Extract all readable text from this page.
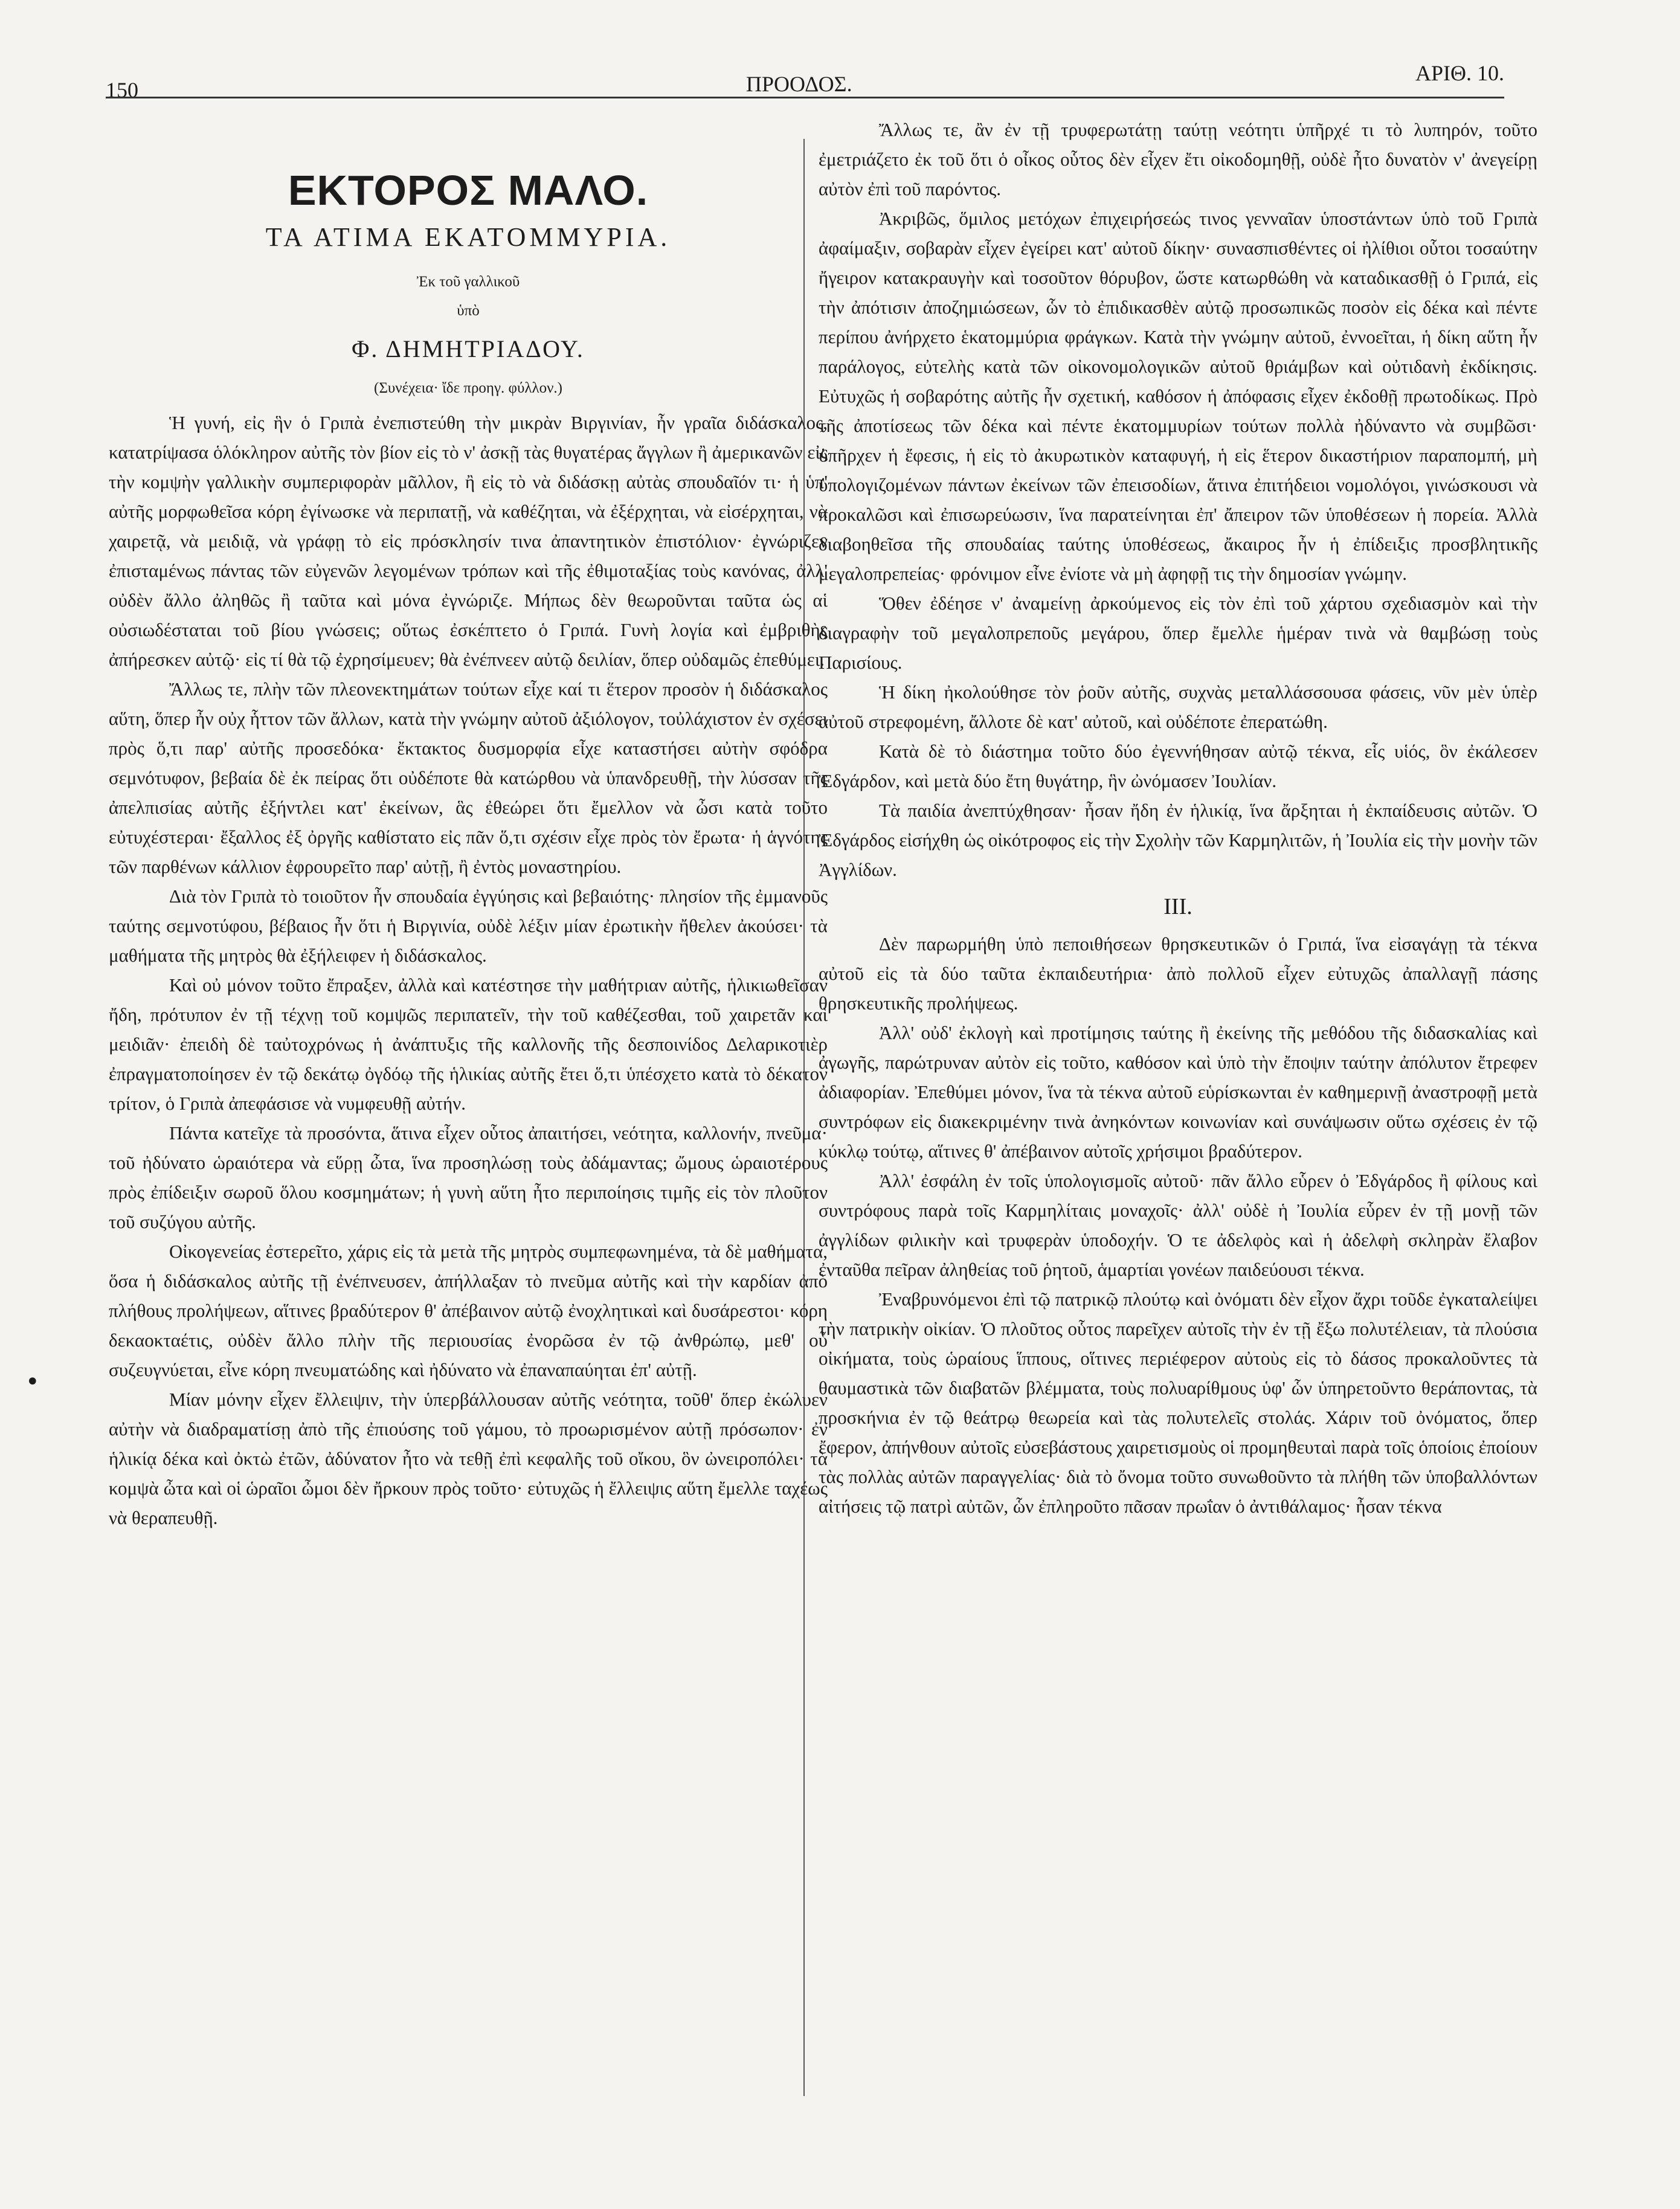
150	ΠΡΟΟΔΟΣ.	ΑΡΙΘ. 10.
•
ΕΚΤΟΡΟΣ ΜΑΛΟ.
ΤΑ ΑΤΙΜΑ ΕΚΑΤΟΜΜΥΡΙΑ.
Ἐκ τοῦ γαλλικοῦ
ὑπὸ
Φ. ΔΗΜΗΤΡΙΑΔΟΥ.
(Συνέχεια· ἴδε προηγ. φύλλον.)

Ἡ γυνή, εἰς ἣν ὁ Γριπὰ ἐνεπιστεύθη τὴν μικρὰν Βιργινίαν, ἦν γραῖα διδάσκαλος, κατατρίψασα ὁλόκληρον αὐτῆς τὸν βίον εἰς τὸ ν' ἀσκῇ τὰς θυγατέρας ἄγγλων ἢ ἀμερικανῶν εἰς τὴν κομψὴν γαλλικὴν συμπεριφορὰν μᾶλλον, ἢ εἰς τὸ νὰ διδάσκῃ αὐτὰς σπουδαῖόν τι· ἡ ὑπ' αὐτῆς μορφωθεῖσα κόρη ἐγίνωσκε νὰ περιπατῇ, νὰ καθέζηται, νὰ ἐξέρχηται, νὰ εἰσέρχηται, νὰ χαιρετᾷ, νὰ μειδιᾷ, νὰ γράφῃ τὸ εἰς πρόσκλησίν τινα ἀπαντητικὸν ἐπιστόλιον· ἐγνώριζεν ἐπισταμένως πάντας τῶν εὐγενῶν λεγομένων τρόπων καὶ τῆς ἐθιμοταξίας τοὺς κανόνας, ἀλλ' οὐδὲν ἄλλο ἀληθῶς ἢ ταῦτα καὶ μόνα ἐγνώριζε. Μήπως δὲν θεωροῦνται ταῦτα ὡς αἱ οὐσιωδέσταται τοῦ βίου γνώσεις; οὕτως ἐσκέπτετο ὁ Γριπά. Γυνὴ λογία καὶ ἐμβριθὴς ἀπήρεσκεν αὐτῷ· εἰς τί θὰ τῷ ἐχρησίμευεν; θὰ ἐνέπνεεν αὐτῷ δειλίαν, ὅπερ οὐδαμῶς ἐπεθύμει.

Ἄλλως τε, πλὴν τῶν πλεονεκτημάτων τούτων εἶχε καί τι ἕτερον προσὸν ἡ διδάσκαλος αὕτη, ὅπερ ἦν οὐχ ἧττον τῶν ἄλλων, κατὰ τὴν γνώμην αὐτοῦ ἀξιόλογον, τοὐλάχιστον ἐν σχέσει πρὸς ὅ,τι παρ' αὐτῆς προσεδόκα· ἔκτακτος δυσμορφία εἶχε καταστήσει αὐτὴν σφόδρα σεμνότυφον, βεβαία δὲ ἐκ πείρας ὅτι οὐδέποτε θὰ κατώρθου νὰ ὑπανδρευθῇ, τὴν λύσσαν τῆς ἀπελπισίας αὐτῆς ἐξήντλει κατ' ἐκείνων, ἃς ἐθεώρει ὅτι ἔμελλον νὰ ὦσι κατὰ τοῦτο εὐτυχέστεραι· ἔξαλλος ἐξ ὀργῆς καθίστατο εἰς πᾶν ὅ,τι σχέσιν εἶχε πρὸς τὸν ἔρωτα· ἡ ἁγνότης τῶν παρθένων κάλλιον ἐφρουρεῖτο παρ' αὐτῇ, ἢ ἐντὸς μοναστηρίου.

Διὰ τὸν Γριπὰ τὸ τοιοῦτον ἦν σπουδαία ἐγγύησις καὶ βεβαιότης· πλησίον τῆς ἐμμανοῦς ταύτης σεμνοτύφου, βέβαιος ἦν ὅτι ἡ Βιργινία, οὐδὲ λέξιν μίαν ἐρωτικὴν ἤθελεν ἀκούσει· τὰ μαθήματα τῆς μητρὸς θὰ ἐξήλειφεν ἡ διδάσκαλος.

Καὶ οὐ μόνον τοῦτο ἔπραξεν, ἀλλὰ καὶ κατέστησε τὴν μαθήτριαν αὐτῆς, ἡλικιωθεῖσαν ἤδη, πρότυπον ἐν τῇ τέχνῃ τοῦ κομψῶς περιπατεῖν, τὴν τοῦ καθέζεσθαι, τοῦ χαιρετᾶν καὶ μειδιᾶν· ἐπειδὴ δὲ ταὐτοχρόνως ἡ ἀνάπτυξις τῆς καλλονῆς τῆς δεσποινίδος Δελαρικοτιὲρ ἐπραγματοποίησεν ἐν τῷ δεκάτῳ ὀγδόῳ τῆς ἡλικίας αὐτῆς ἔτει ὅ,τι ὑπέσχετο κατὰ τὸ δέκατον τρίτον, ὁ Γριπὰ ἀπεφάσισε νὰ νυμφευθῇ αὐτήν.

Πάντα κατεῖχε τὰ προσόντα, ἅτινα εἶχεν οὗτος ἀπαιτήσει, νεότητα, καλλονήν, πνεῦμα· τοῦ ἠδύνατο ὡραιότερα νὰ εὕρῃ ὦτα, ἵνα προσηλώσῃ τοὺς ἀδάμαντας; ὤμους ὡραιοτέρους πρὸς ἐπίδειξιν σωροῦ ὅλου κοσμημάτων; ἡ γυνὴ αὕτη ἦτο περιποίησις τιμῆς εἰς τὸν πλοῦτον τοῦ συζύγου αὐτῆς.

Οἰκογενείας ἐστερεῖτο, χάρις εἰς τὰ μετὰ τῆς μητρὸς συμπεφωνημένα, τὰ δὲ μαθήματα, ὅσα ἡ διδάσκαλος αὐτῆς τῇ ἐνέπνευσεν, ἀπήλλαξαν τὸ πνεῦμα αὐτῆς καὶ τὴν καρδίαν ἀπὸ πλήθους προλήψεων, αἵτινες βραδύτερον θ' ἀπέβαινον αὐτῷ ἐνοχλητικαὶ καὶ δυσάρεστοι· κόρη δεκαοκταέτις, οὐδὲν ἄλλο πλὴν τῆς περιουσίας ἐνορῶσα ἐν τῷ ἀνθρώπῳ, μεθ' οὗ συζευγνύεται, εἶνε κόρη πνευματώδης καὶ ἠδύνατο νὰ ἐπαναπαύηται ἐπ' αὐτῇ.

Μίαν μόνην εἶχεν ἔλλειψιν, τὴν ὑπερβάλλουσαν αὐτῆς νεότητα, τοῦθ' ὅπερ ἐκώλυεν αὐτὴν νὰ διαδραματίσῃ ἀπὸ τῆς ἐπιούσης τοῦ γάμου, τὸ προωρισμένον αὐτῇ πρόσωπον· ἐν ἡλικίᾳ δέκα καὶ ὀκτὼ ἐτῶν, ἀδύνατον ἦτο νὰ τεθῇ ἐπὶ κεφαλῆς τοῦ οἴκου, ὃν ὠνειροπόλει· τὰ κομψὰ ὦτα καὶ οἱ ὡραῖοι ὦμοι δὲν ἤρκουν πρὸς τοῦτο· εὐτυχῶς ἡ ἔλλειψις αὕτη ἔμελλε ταχέως νὰ θεραπευθῇ.

Ἄλλως τε, ἂν ἐν τῇ τρυφερωτάτῃ ταύτῃ νεότητι ὑπῆρχέ τι τὸ λυπηρόν, τοῦτο ἐμετριάζετο ἐκ τοῦ ὅτι ὁ οἶκος οὗτος δὲν εἶχεν ἔτι οἰκοδομηθῇ, οὐδὲ ἦτο δυνατὸν ν' ἀνεγείρῃ αὐτὸν ἐπὶ τοῦ παρόντος.

Ἀκριβῶς, ὅμιλος μετόχων ἐπιχειρήσεώς τινος γενναῖαν ὑποστάντων ὑπὸ τοῦ Γριπὰ ἀφαίμαξιν, σοβαρὰν εἶχεν ἐγείρει κατ' αὐτοῦ δίκην· συνασπισθέντες οἱ ἠλίθιοι οὗτοι τοσαύτην ἤγειρον κατακραυγὴν καὶ τοσοῦτον θόρυβον, ὥστε κατωρθώθη νὰ καταδικασθῇ ὁ Γριπά, εἰς τὴν ἀπότισιν ἀποζημιώσεων, ὧν τὸ ἐπιδικασθὲν αὐτῷ προσωπικῶς ποσὸν εἰς δέκα καὶ πέντε περίπου ἀνήρχετο ἑκατομμύρια φράγκων. Κατὰ τὴν γνώμην αὐτοῦ, ἐννοεῖται, ἡ δίκη αὕτη ἦν παράλογος, εὐτελὴς κατὰ τῶν οἰκονομολογικῶν αὐτοῦ θριάμβων καὶ οὐτιδανὴ ἐκδίκησις. Εὐτυχῶς ἡ σοβαρότης αὐτῆς ἦν σχετική, καθόσον ἡ ἀπόφασις εἶχεν ἐκδοθῇ πρωτοδίκως. Πρὸ τῆς ἀποτίσεως τῶν δέκα καὶ πέντε ἑκατομμυρίων τούτων πολλὰ ἠδύναντο νὰ συμβῶσι· ὑπῆρχεν ἡ ἔφεσις, ἡ εἰς τὸ ἀκυρωτικὸν καταφυγή, ἡ εἰς ἕτερον δικαστήριον παραπομπή, μὴ ὑπολογιζομένων πάντων ἐκείνων τῶν ἐπεισοδίων, ἅτινα ἐπιτήδειοι νομολόγοι, γινώσκουσι νὰ προκαλῶσι καὶ ἐπισωρεύωσιν, ἵνα παρατείνηται ἐπ' ἄπειρον τῶν ὑποθέσεων ἡ πορεία. Ἀλλὰ διαβοηθεῖσα τῆς σπουδαίας ταύτης ὑποθέσεως, ἄκαιρος ἦν ἡ ἐπίδειξις προσβλητικῆς μεγαλοπρεπείας· φρόνιμον εἶνε ἐνίοτε νὰ μὴ ἀφηφῇ τις τὴν δημοσίαν γνώμην.

Ὅθεν ἐδέησε ν' ἀναμείνῃ ἀρκούμενος εἰς τὸν ἐπὶ τοῦ χάρτου σχεδιασμὸν καὶ τὴν διαγραφὴν τοῦ μεγαλοπρεποῦς μεγάρου, ὅπερ ἔμελλε ἡμέραν τινὰ νὰ θαμβώσῃ τοὺς Παρισίους.

Ἡ δίκη ἠκολούθησε τὸν ῥοῦν αὐτῆς, συχνὰς μεταλλάσσουσα φάσεις, νῦν μὲν ὑπὲρ αὐτοῦ στρεφομένη, ἄλλοτε δὲ κατ' αὐτοῦ, καὶ οὐδέποτε ἐπερατώθη.

Κατὰ δὲ τὸ διάστημα τοῦτο δύο ἐγεννήθησαν αὐτῷ τέκνα, εἷς υἱός, ὃν ἐκάλεσεν Ἐδγάρδον, καὶ μετὰ δύο ἔτη θυγάτηρ, ἣν ὠνόμασεν Ἰουλίαν.

Τὰ παιδία ἀνεπτύχθησαν· ἦσαν ἤδη ἐν ἡλικίᾳ, ἵνα ἄρξηται ἡ ἐκπαίδευσις αὐτῶν. Ὁ Ἐδγάρδος εἰσήχθη ὡς οἰκότροφος εἰς τὴν Σχολὴν τῶν Καρμηλιτῶν, ἡ Ἰουλία εἰς τὴν μονὴν τῶν Ἀγγλίδων.

III.

Δὲν παρωρμήθη ὑπὸ πεποιθήσεων θρησκευτικῶν ὁ Γριπά, ἵνα εἰσαγάγῃ τὰ τέκνα αὐτοῦ εἰς τὰ δύο ταῦτα ἐκπαιδευτήρια· ἀπὸ πολλοῦ εἶχεν εὐτυχῶς ἀπαλλαγῇ πάσης θρησκευτικῆς προλήψεως.

Ἀλλ' οὐδ' ἐκλογὴ καὶ προτίμησις ταύτης ἢ ἐκείνης τῆς μεθόδου τῆς διδασκαλίας καὶ ἀγωγῆς, παρώτρυναν αὐτὸν εἰς τοῦτο, καθόσον καὶ ὑπὸ τὴν ἔποψιν ταύτην ἀπόλυτον ἔτρεφεν ἀδιαφορίαν. Ἐπεθύμει μόνον, ἵνα τὰ τέκνα αὐτοῦ εὑρίσκωνται ἐν καθημερινῇ ἀναστροφῇ μετὰ συντρόφων εἰς διακεκριμένην τινὰ ἀνηκόντων κοινωνίαν καὶ συνάψωσιν οὕτω σχέσεις ἐν τῷ κύκλῳ τούτῳ, αἵτινες θ' ἀπέβαινον αὐτοῖς χρήσιμοι βραδύτερον.

Ἀλλ' ἐσφάλη ἐν τοῖς ὑπολογισμοῖς αὐτοῦ· πᾶν ἄλλο εὗρεν ὁ Ἐδγάρδος ἢ φίλους καὶ συντρόφους παρὰ τοῖς Καρμηλίταις μοναχοῖς· ἀλλ' οὐδὲ ἡ Ἰουλία εὗρεν ἐν τῇ μονῇ τῶν ἀγγλίδων φιλικὴν καὶ τρυφερὰν ὑποδοχήν. Ὁ τε ἀδελφὸς καὶ ἡ ἀδελφὴ σκληρὰν ἔλαβον ἐνταῦθα πεῖραν ἀληθείας τοῦ ῥητοῦ, ἁμαρτίαι γονέων παιδεύουσι τέκνα.

Ἐναβρυνόμενοι ἐπὶ τῷ πατρικῷ πλούτῳ καὶ ὀνόματι δὲν εἶχον ἄχρι τοῦδε ἐγκαταλείψει τὴν πατρικὴν οἰκίαν. Ὁ πλοῦτος οὗτος παρεῖχεν αὐτοῖς τὴν ἐν τῇ ἔξω πολυτέλειαν, τὰ πλούσια οἰκήματα, τοὺς ὡραίους ἵππους, οἵτινες περιέφερον αὐτοὺς εἰς τὸ δάσος προκαλοῦντες τὰ θαυμαστικὰ τῶν διαβατῶν βλέμματα, τοὺς πολυαρίθμους ὑφ' ὧν ὑπηρετοῦντο θεράποντας, τὰ προσκήνια ἐν τῷ θεάτρῳ θεωρεία καὶ τὰς πολυτελεῖς στολάς. Χάριν τοῦ ὀνόματος, ὅπερ ἔφερον, ἀπήνθουν αὐτοῖς εὐσεβάστους χαιρετισμοὺς οἱ προμηθευταὶ παρὰ τοῖς ὁποίοις ἐποίουν τὰς πολλὰς αὐτῶν παραγγελίας· διὰ τὸ ὄνομα τοῦτο συνωθοῦντο τὰ πλήθη τῶν ὑποβαλλόντων αἰτήσεις τῷ πατρὶ αὐτῶν, ὧν ἐπληροῦτο πᾶσαν πρωΐαν ὁ ἀντιθάλαμος· ἦσαν τέκνα
